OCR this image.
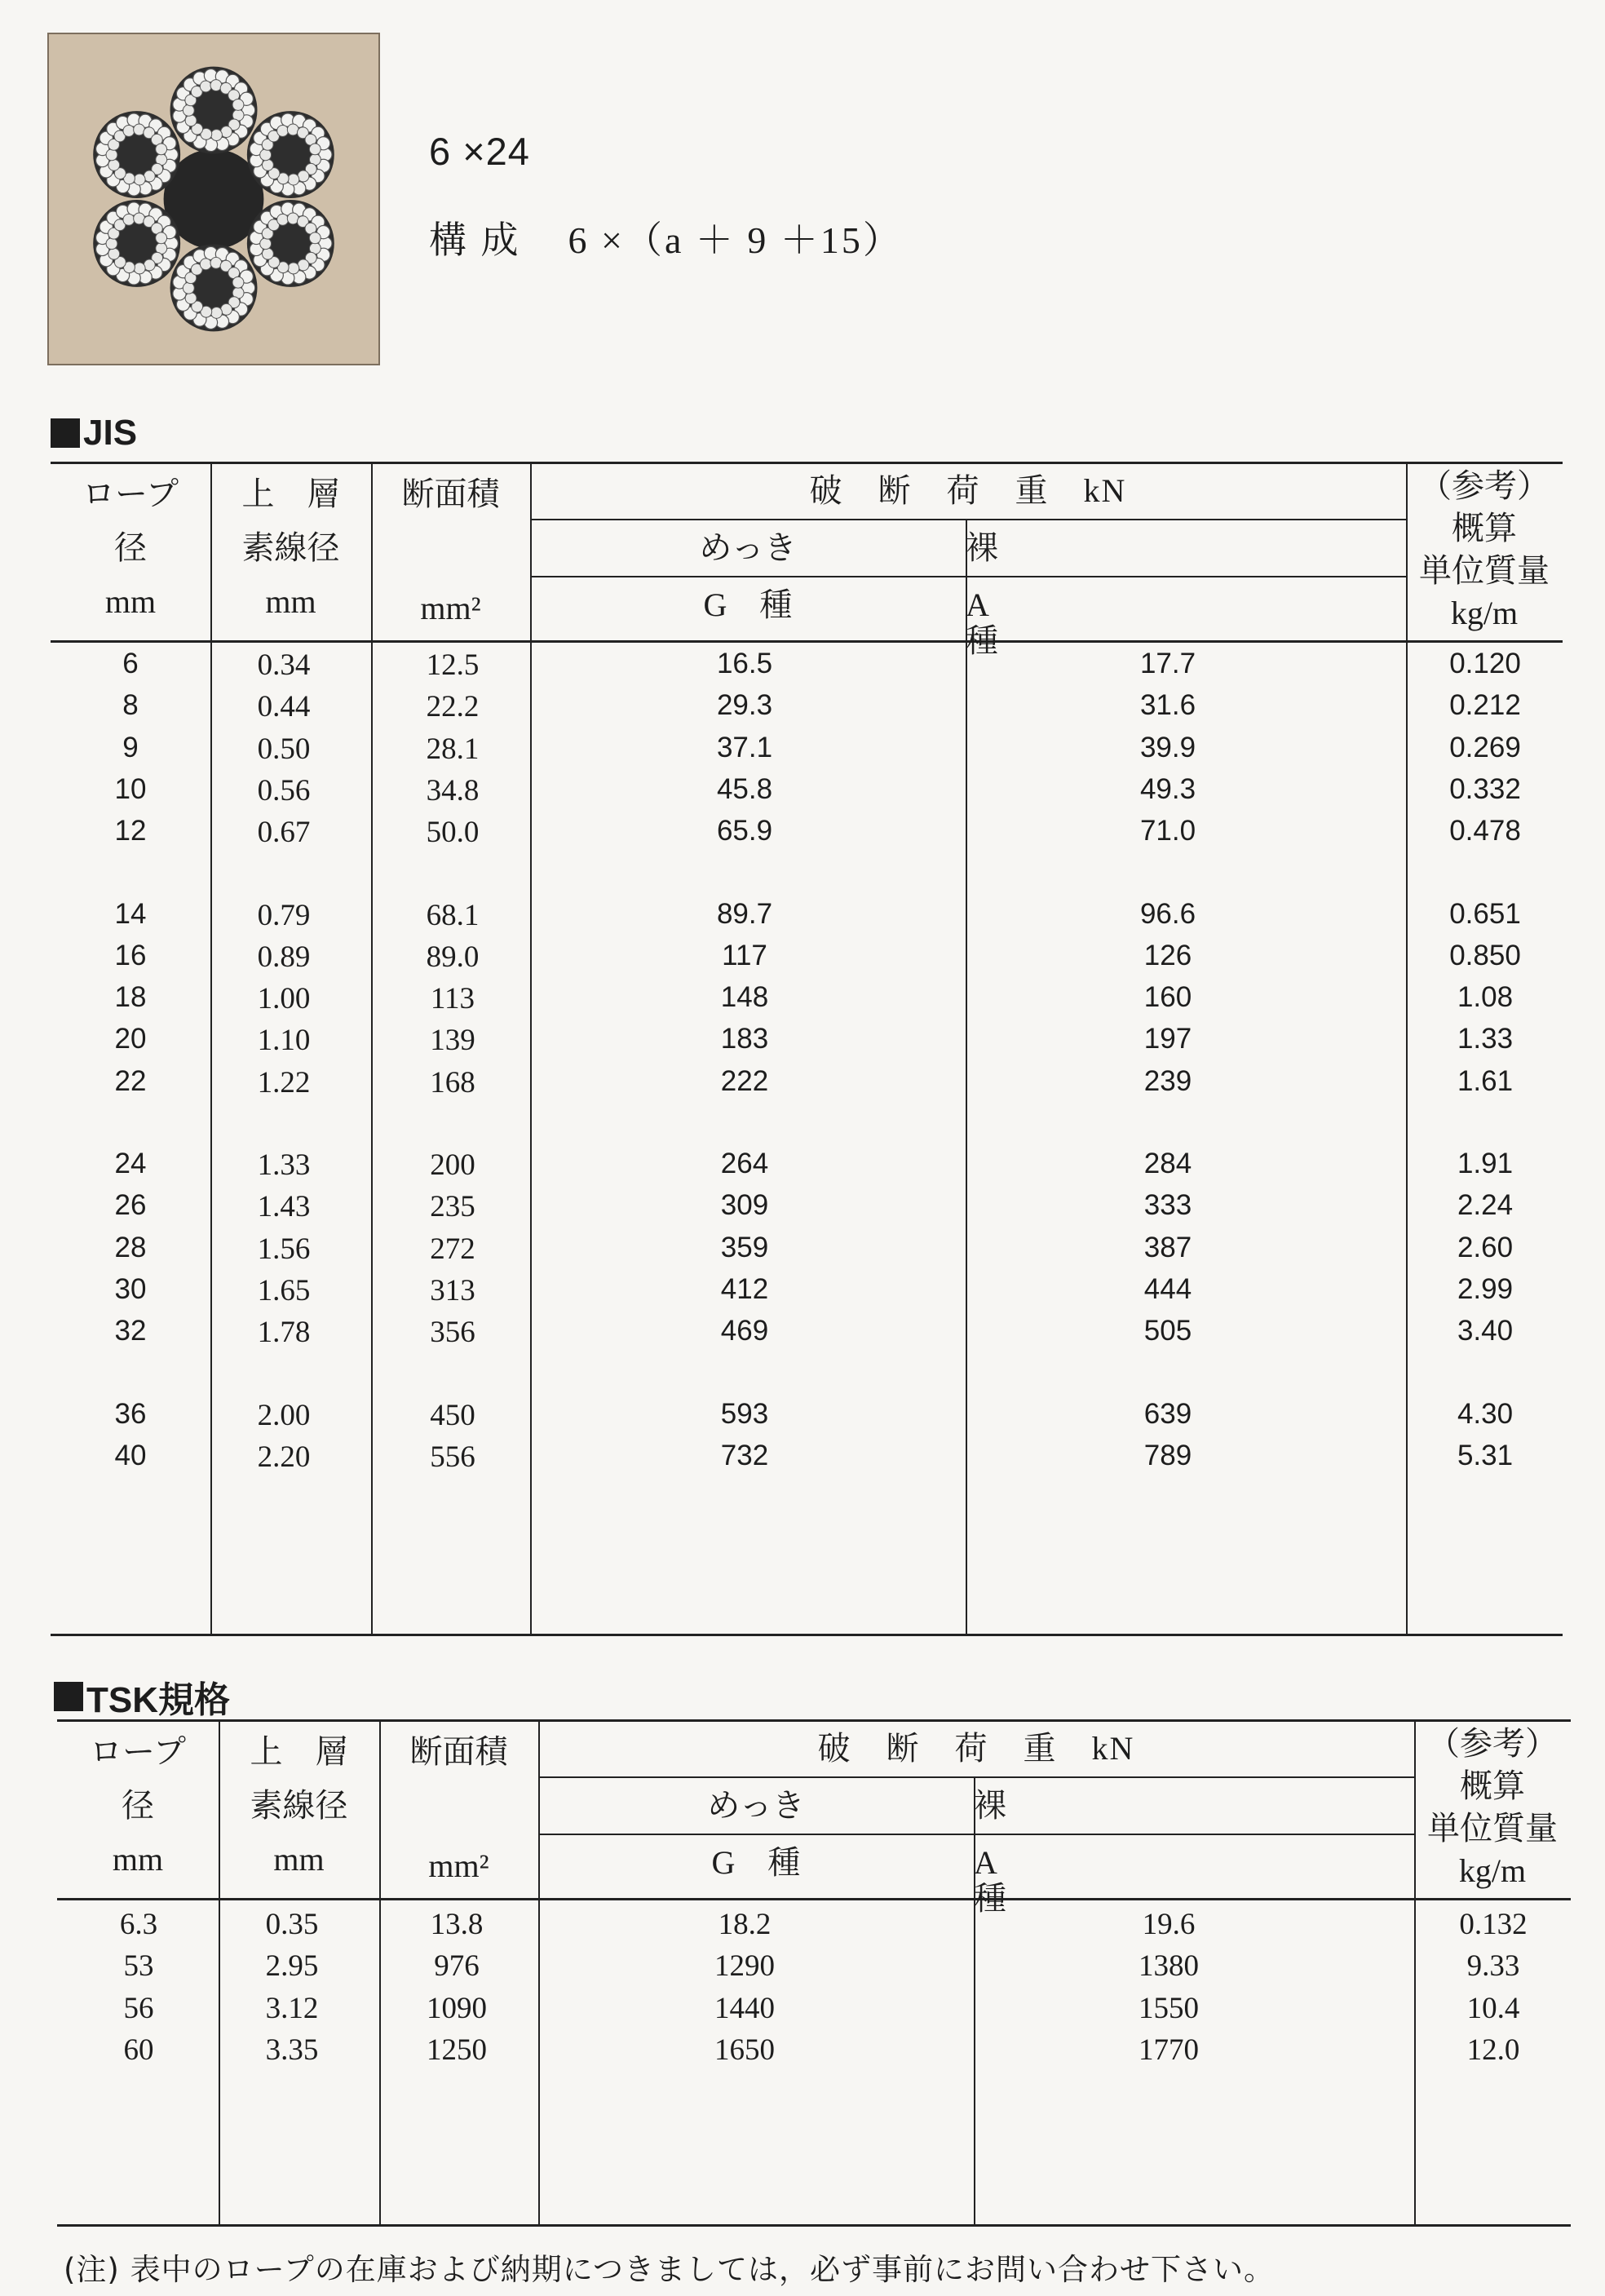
6 ×24
構 成 6 ×（a ＋ 9 ＋15）
JIS
ロープ
径
mm
上　層
素線径
mm
断面積
mm²
破　断　荷　重　kN
めっき	裸
G　種	A　種
（参考）
概算
単位質量
kg/m
6	0.34	12.5	16.5	17.7	0.120
8	0.44	22.2	29.3	31.6	0.212
9	0.50	28.1	37.1	39.9	0.269
10	0.56	34.8	45.8	49.3	0.332
12	0.67	50.0	65.9	71.0	0.478
14	0.79	68.1	89.7	96.6	0.651
16	0.89	89.0	117	126	0.850
18	1.00	113	148	160	1.08
20	1.10	139	183	197	1.33
22	1.22	168	222	239	1.61
24	1.33	200	264	284	1.91
26	1.43	235	309	333	2.24
28	1.56	272	359	387	2.60
30	1.65	313	412	444	2.99
32	1.78	356	469	505	3.40
36	2.00	450	593	639	4.30
40	2.20	556	732	789	5.31
TSK規格
ロープ
径
mm
上　層
素線径
mm
断面積
mm²
破　断　荷　重　kN
めっき	裸
G　種	A　種
（参考）
概算
単位質量
kg/m
6.3	0.35	13.8	18.2	19.6	0.132
53	2.95	976	1290	1380	9.33
56	3.12	1090	1440	1550	10.4
60	3.35	1250	1650	1770	12.0
(注) 表中のロープの在庫および納期につきましては，必ず事前にお問い合わせ下さい。
